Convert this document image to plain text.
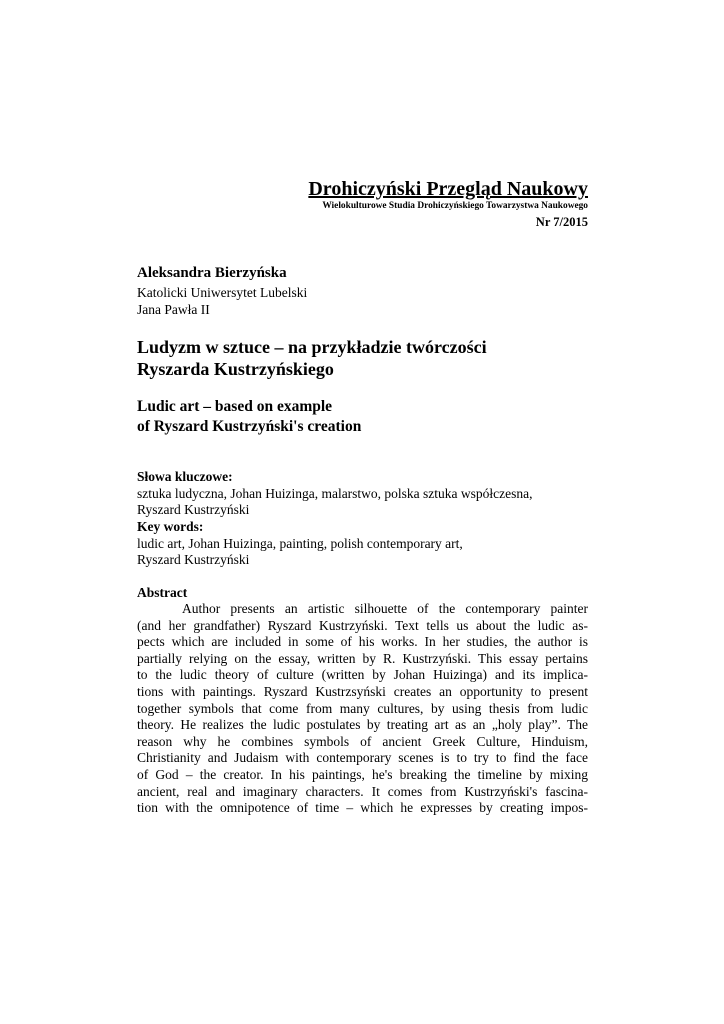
Drohiczyński Przegląd Naukowy
Wielokulturowe Studia Drohiczyńskiego Towarzystwa Naukowego
Nr 7/2015
Aleksandra Bierzyńska
Katolicki Uniwersytet Lubelski
Jana Pawła II
Ludyzm w sztuce – na przykładzie twórczości
Ryszarda Kustrzyńskiego
Ludic art – based on example
of Ryszard Kustrzyński's creation
Słowa kluczowe:
sztuka ludyczna, Johan Huizinga, malarstwo, polska sztuka współczesna,
Ryszard Kustrzyński
Key words:
ludic art, Johan Huizinga, painting, polish contemporary art,
Ryszard Kustrzyński
Abstract
Author presents an artistic silhouette of the contemporary painter
(and her grandfather) Ryszard Kustrzyński. Text tells us about the ludic as-
pects which are included in some of his works. In her studies, the author is
partially relying on the essay, written by R. Kustrzyński. This essay pertains
to the ludic theory of culture (written by Johan Huizinga) and its implica-
tions with paintings. Ryszard Kustrzsyński creates an opportunity to present
together symbols that come from many cultures, by using thesis from ludic
theory. He realizes the ludic postulates by treating art as an „holy play”. The
reason why he combines symbols of ancient Greek Culture, Hinduism,
Christianity and Judaism with contemporary scenes is to try to find the face
of God – the creator. In his paintings, he's breaking the timeline by mixing
ancient, real and imaginary characters. It comes from Kustrzyński's fascina-
tion with the omnipotence of time – which he expresses by creating impos-
